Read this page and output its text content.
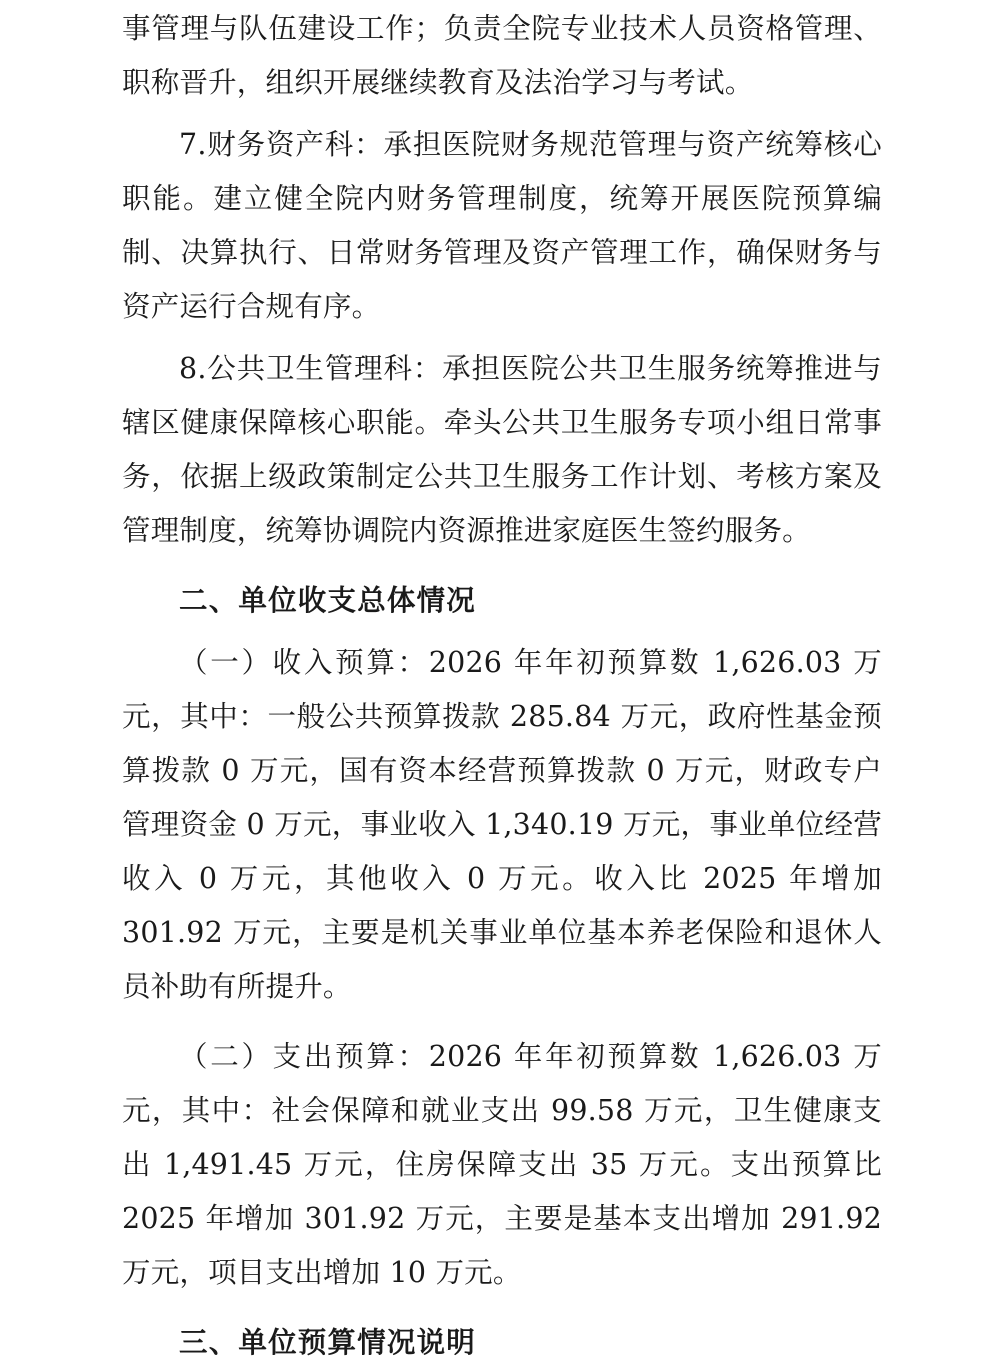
事管理与队伍建设工作；负责全院专业技术人员资格管理、职称晋升，组织开展继续教育及法治学习与考试。

7.财务资产科：承担医院财务规范管理与资产统筹核心职能。建立健全院内财务管理制度，统筹开展医院预算编制、决算执行、日常财务管理及资产管理工作，确保财务与资产运行合规有序。

8.公共卫生管理科：承担医院公共卫生服务统筹推进与辖区健康保障核心职能。牵头公共卫生服务专项小组日常事务，依据上级政策制定公共卫生服务工作计划、考核方案及管理制度，统筹协调院内资源推进家庭医生签约服务。

二、单位收支总体情况

（一）收入预算：2026 年年初预算数 1,626.03 万元，其中：一般公共预算拨款 285.84 万元，政府性基金预算拨款 0 万元，国有资本经营预算拨款 0 万元，财政专户管理资金 0 万元，事业收入 1,340.19 万元，事业单位经营收入 0 万元，其他收入 0 万元。收入比 2025 年增加 301.92 万元，主要是机关事业单位基本养老保险和退休人员补助有所提升。

（二）支出预算：2026 年年初预算数 1,626.03 万元，其中：社会保障和就业支出 99.58 万元，卫生健康支出 1,491.45 万元，住房保障支出 35 万元。支出预算比 2025 年增加 301.92 万元，主要是基本支出增加 291.92 万元，项目支出增加 10 万元。

三、单位预算情况说明
